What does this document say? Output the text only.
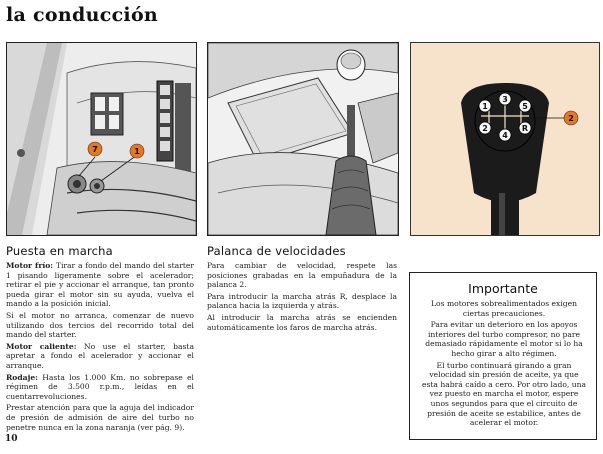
la conducción
7	1
1
3
5
2
4
R
2
Puesta en marcha

Motor frío: Tirar a fondo del mando del starter 1 pisando ligeramente sobre el acelerador; retirar el pie y accionar el arranque, tan pronto pueda girar el motor sin su ayuda, vuelva el mando a la posición inicial.

Si el motor no arranca, comenzar de nuevo utilizando dos tercios del recorrido total del mando del starter.

Motor caliente: No use el starter, basta apretar a fondo el acelerador y accionar el arranque.

Rodaje: Hasta los 1.000 Km. no sobrepase el régimen de 3.500 r.p.m., leídas en el cuentarrevoluciones.

Prestar atención para que la aguja del indicador de presión de admisión de aire del turbo no penetre nunca en la zona naranja (ver pág. 9).

Palanca de velocidades

Para cambiar de velocidad, respete las posiciones grabadas en la empuñadura de la palanca 2.

Para introducir la marcha atrás R, desplace la palanca hacia la izquierda y atrás.

Al introducir la marcha atrás se encienden automáticamente los faros de marcha atrás.

Importante

Los motores sobrealimentados exigen ciertas precauciones.

Para evitar un deterioro en los apoyos interiores del turbo compresor, no pare demasiado rápidamente el motor si lo ha hecho girar a alto régimen.

El turbo continuará girando a gran velocidad sin presión de aceite, ya que esta habrá caído a cero. Por otro lado, una vez puesto en marcha el motor, espere unos segundos para que el circuito de presión de aceite se estabilice, antes de acelerar el motor.

10
